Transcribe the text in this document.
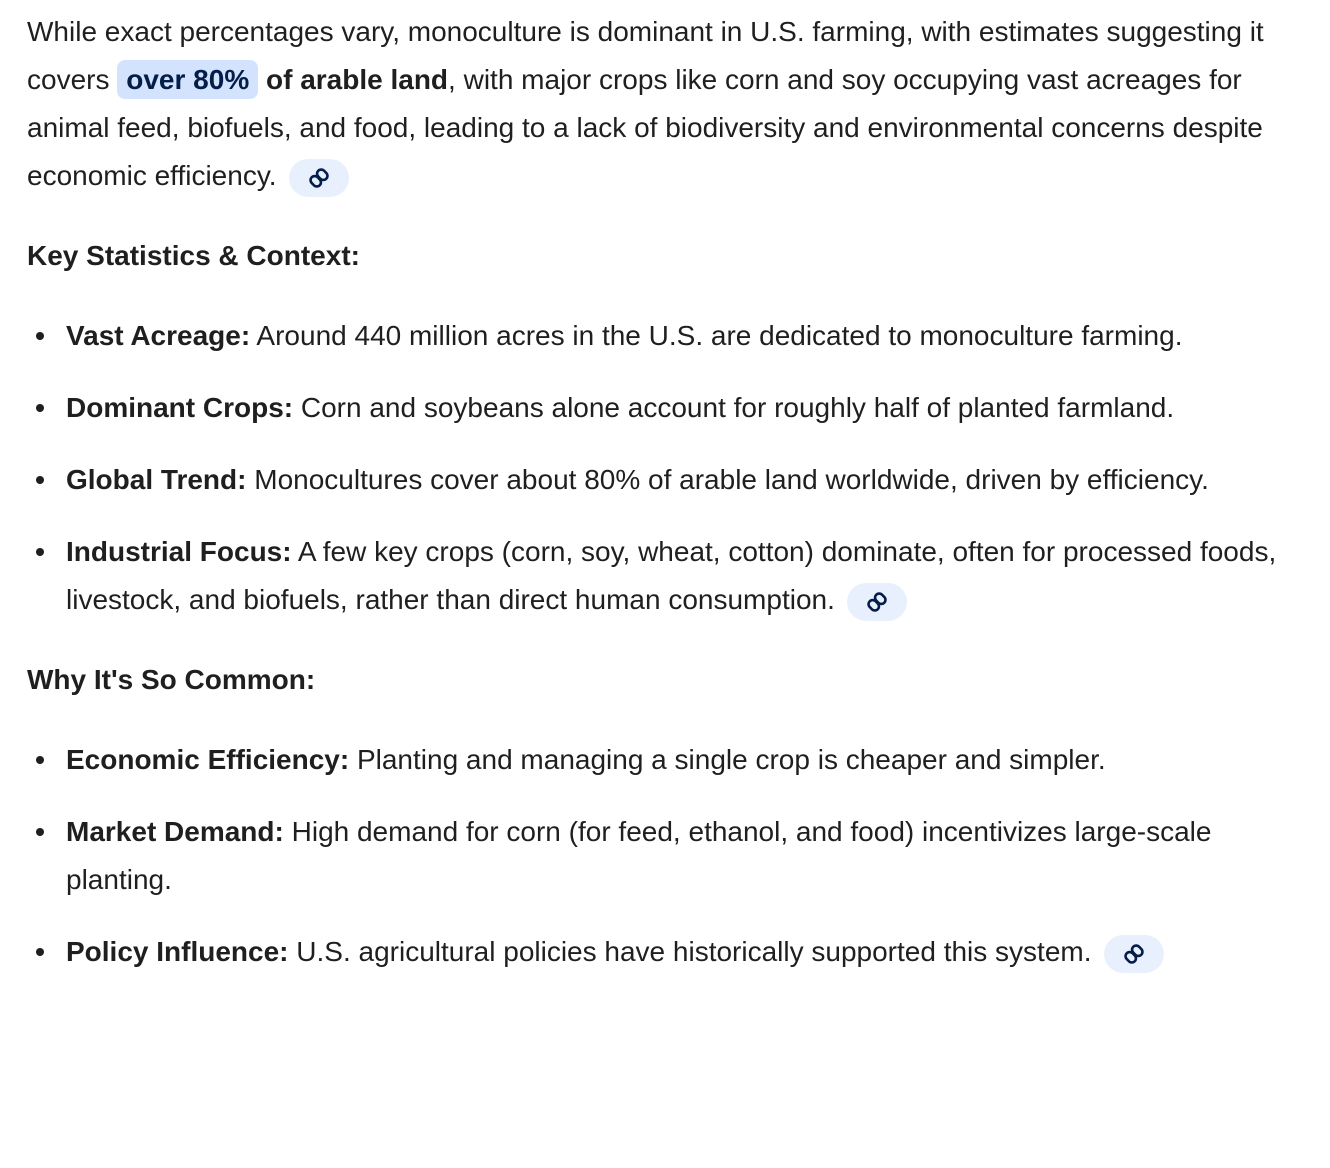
While exact percentages vary, monoculture is dominant in U.S. farming, with estimates suggesting it covers over 80% of arable land, with major crops like corn and soy occupying vast acreages for animal feed, biofuels, and food, leading to a lack of biodiversity and environmental concerns despite economic efficiency.

Key Statistics & Context:
Vast Acreage: Around 440 million acres in the U.S. are dedicated to monoculture farming.
Dominant Crops: Corn and soybeans alone account for roughly half of planted farmland.
Global Trend: Monocultures cover about 80% of arable land worldwide, driven by efficiency.
Industrial Focus: A few key crops (corn, soy, wheat, cotton) dominate, often for processed foods, livestock, and biofuels, rather than direct human consumption.
Why It's So Common:
Economic Efficiency: Planting and managing a single crop is cheaper and simpler.
Market Demand: High demand for corn (for feed, ethanol, and food) incentivizes large-scale planting.
Policy Influence: U.S. agricultural policies have historically supported this system.
